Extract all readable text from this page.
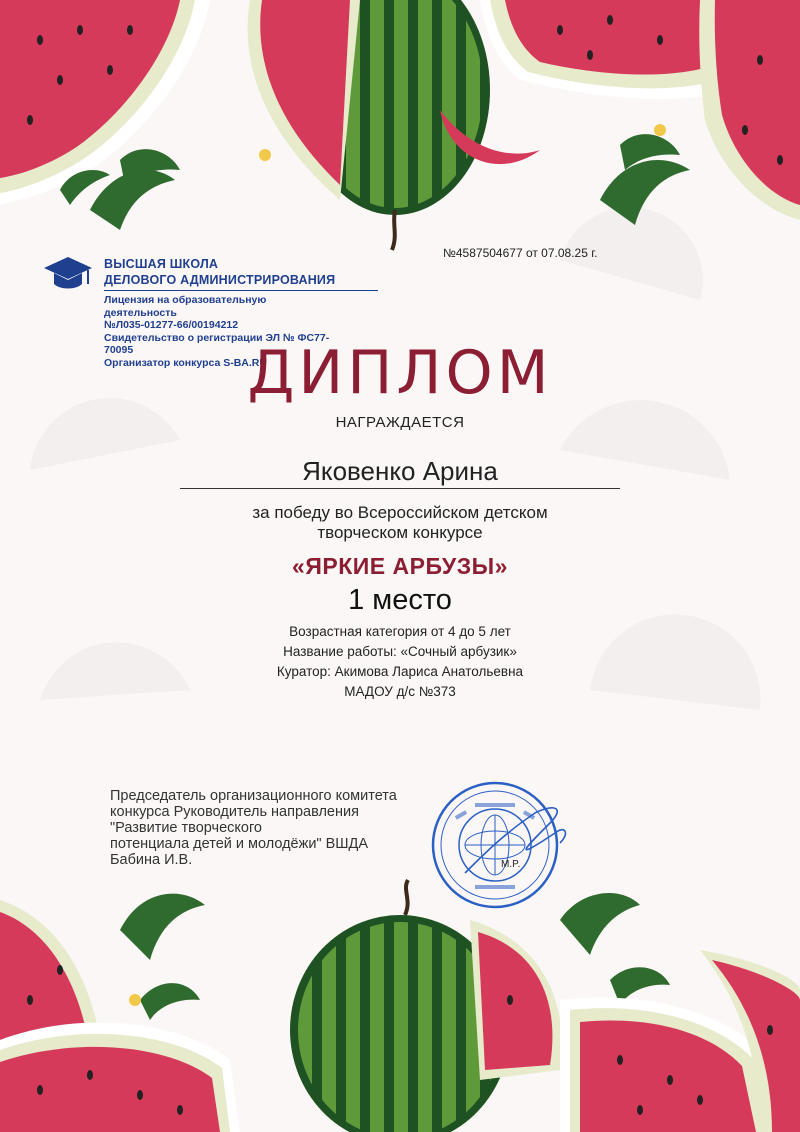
ВЫСШАЯ ШКОЛА
ДЕЛОВОГО АДМИНИСТРИРОВАНИЯ
Лицензия на образовательную деятельность
№Л035-01277-66/00194212
Свидетельство о регистрации ЭЛ № ФС77-70095
Организатор конкурса S-BA.RU
№4587504677 от 07.08.25 г.
ДИПЛОМ
НАГРАЖДАЕТСЯ
Яковенко Арина
за победу во Всероссийском детском
творческом конкурсе
«ЯРКИЕ АРБУЗЫ»
1 место
Возрастная категория от 4 до 5 лет
Название работы: «Сочный арбузик»
Куратор: Акимова Лариса Анатольевна
МАДОУ д/с №373
Председатель организационного комитета
конкурса Руководитель направления
"Развитие творческого
потенциала детей и молодёжи" ВШДА
Бабина И.В.	M.P.
